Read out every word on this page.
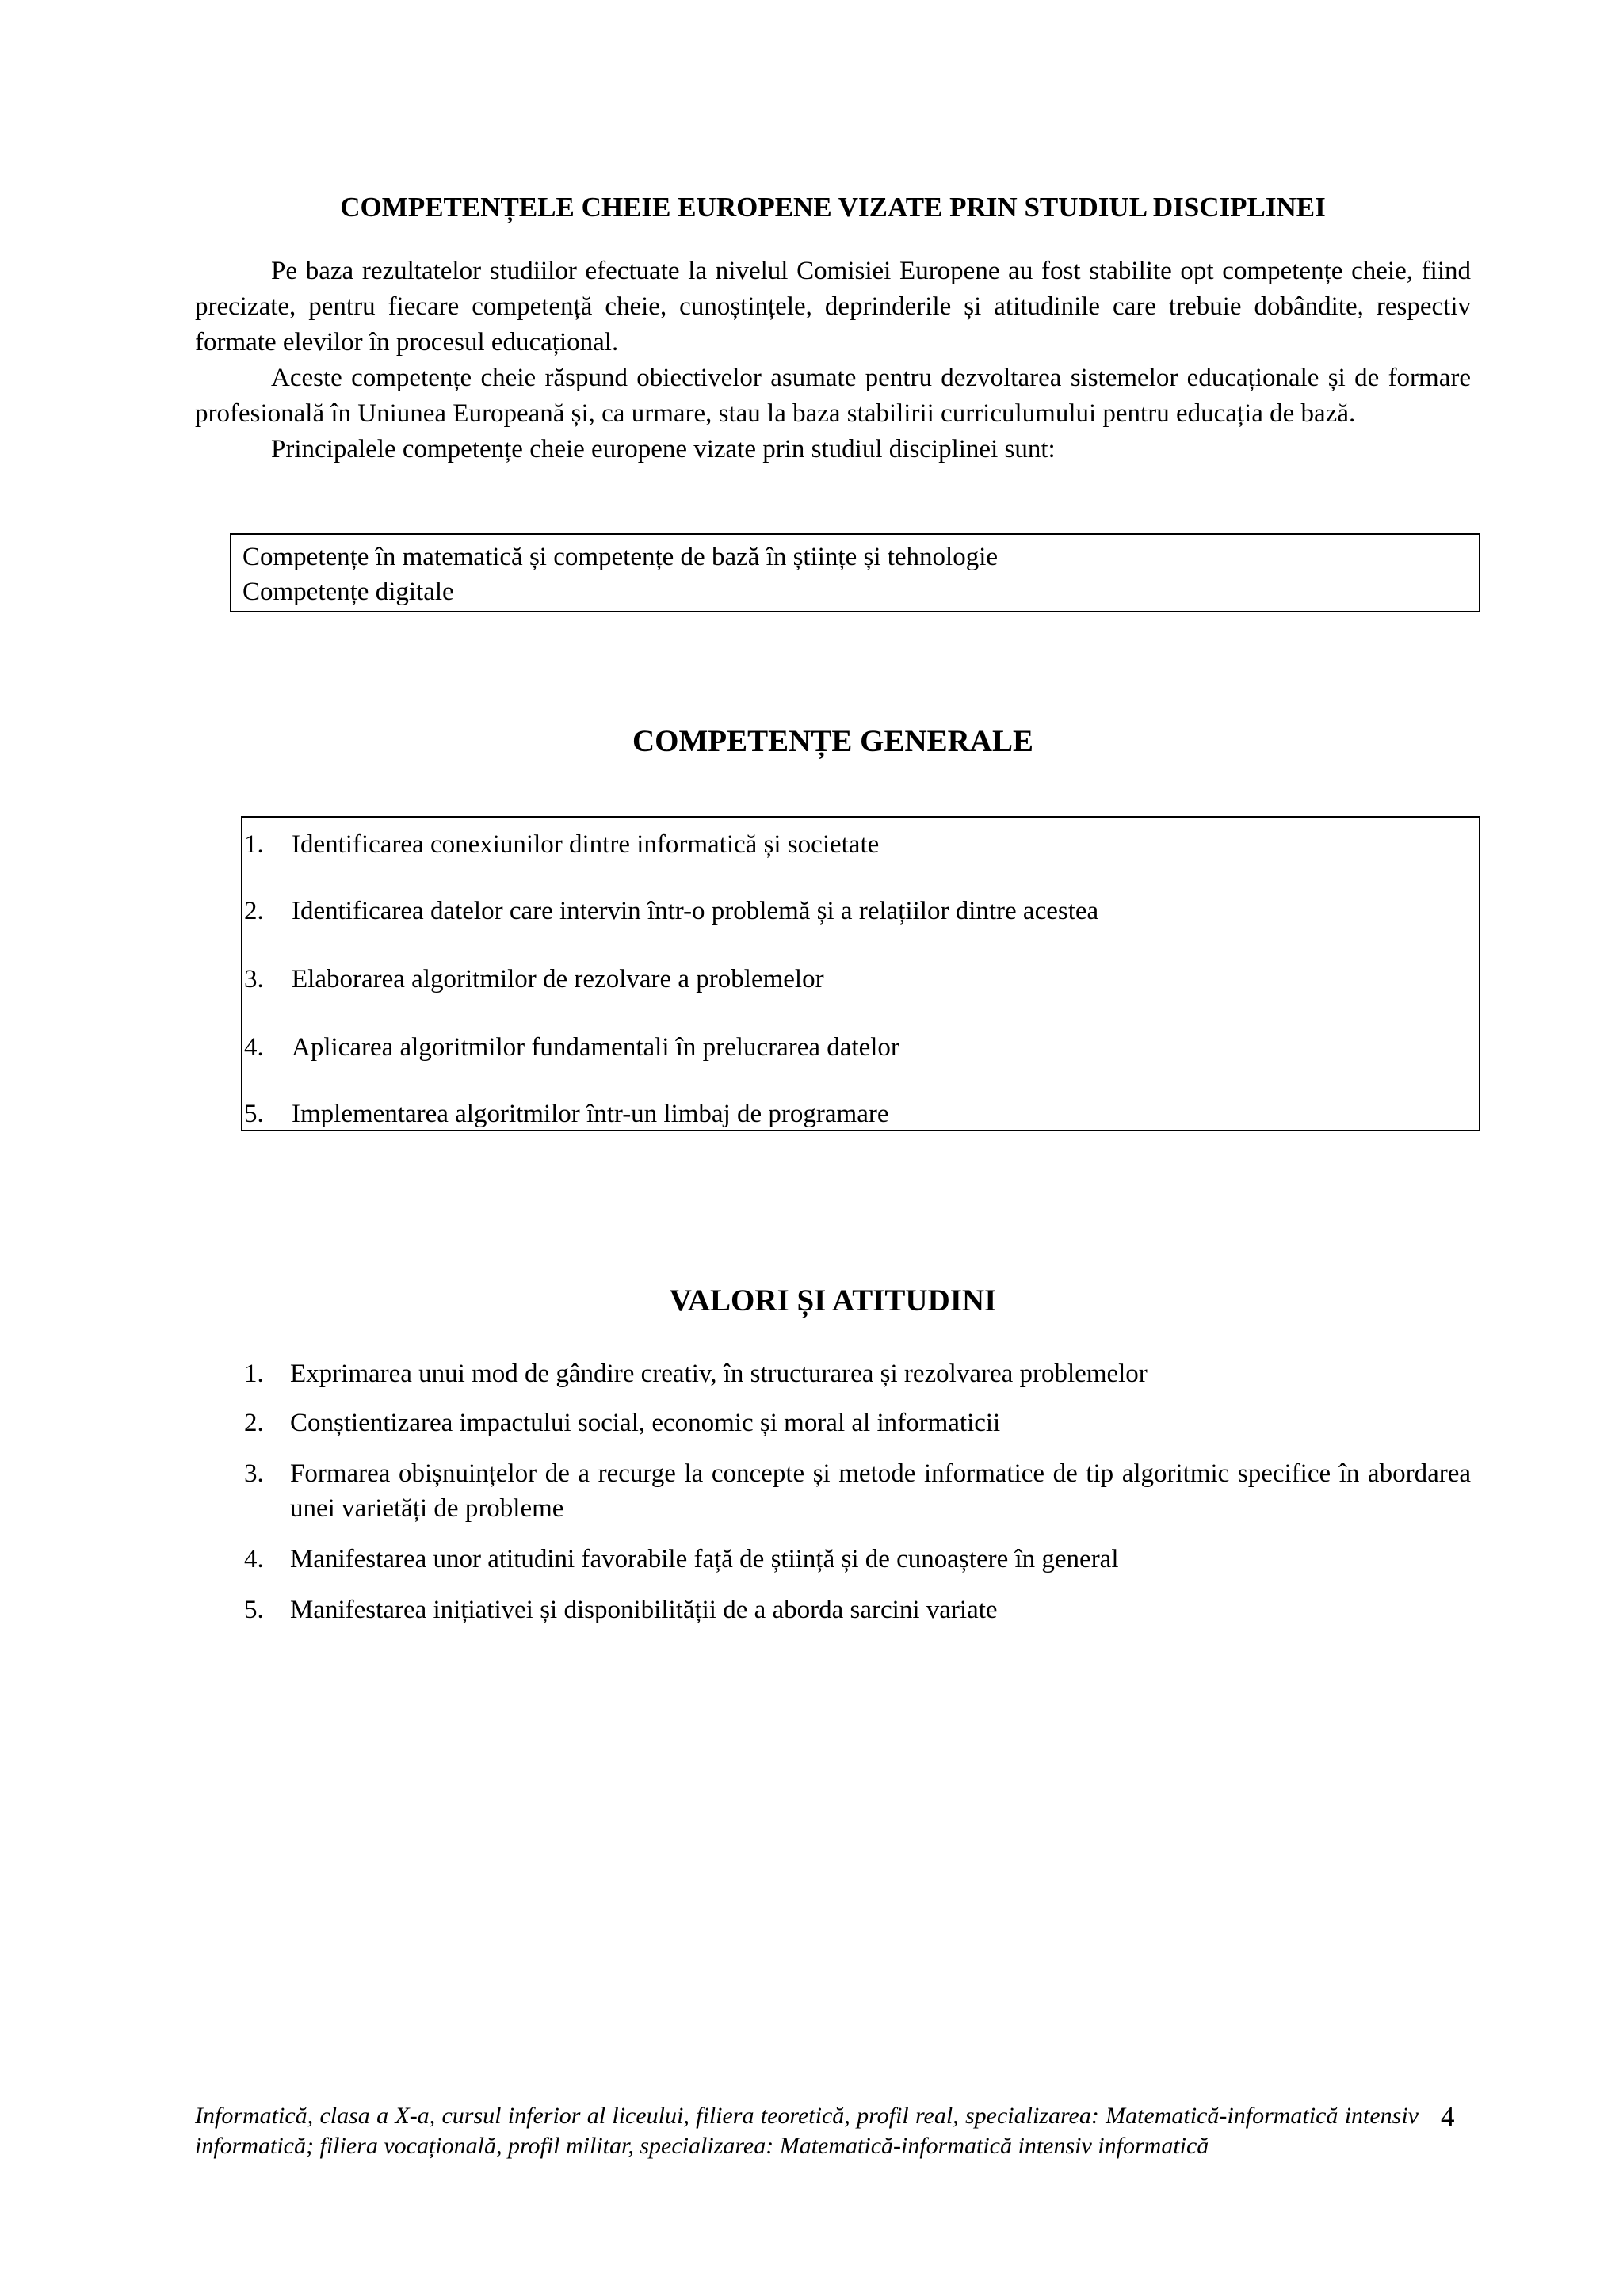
COMPETENȚELE CHEIE EUROPENE VIZATE PRIN STUDIUL DISCIPLINEI

Pe baza rezultatelor studiilor efectuate la nivelul Comisiei Europene au fost stabilite opt competențe cheie, fiind precizate, pentru fiecare competență cheie, cunoștințele, deprinderile și atitudinile care trebuie dobândite, respectiv formate elevilor în procesul educațional.

Aceste competențe cheie răspund obiectivelor asumate pentru dezvoltarea sistemelor educaționale și de formare profesională în Uniunea Europeană și, ca urmare, stau la baza stabilirii curriculumului pentru educația de bază.

Principalele competențe cheie europene vizate prin studiul disciplinei sunt:

Competențe în matematică și competențe de bază în științe și tehnologie
Competențe digitale
COMPETENȚE GENERALE
1. Identificarea conexiunilor dintre informatică și societate
2. Identificarea datelor care intervin într-o problemă și a relațiilor dintre acestea
3. Elaborarea algoritmilor de rezolvare a problemelor
4. Aplicarea algoritmilor fundamentali în prelucrarea datelor
5. Implementarea algoritmilor într-un limbaj de programare
VALORI ȘI ATITUDINI
1. Exprimarea unui mod de gândire creativ, în structurarea și rezolvarea problemelor
2. Conștientizarea impactului social, economic și moral al informaticii
3. Formarea obișnuințelor de a recurge la concepte și metode informatice de tip algoritmic specifice în abordarea unei varietăți de probleme
4. Manifestarea unor atitudini favorabile față de știință și de cunoaștere în general
5. Manifestarea inițiativei și disponibilității de a aborda sarcini variate
Informatică, clasa a X-a, cursul inferior al liceului, filiera teoretică, profil real, specializarea: Matematică-informatică intensiv informatică; filiera vocațională, profil militar, specializarea: Matematică-informatică intensiv informatică
4
